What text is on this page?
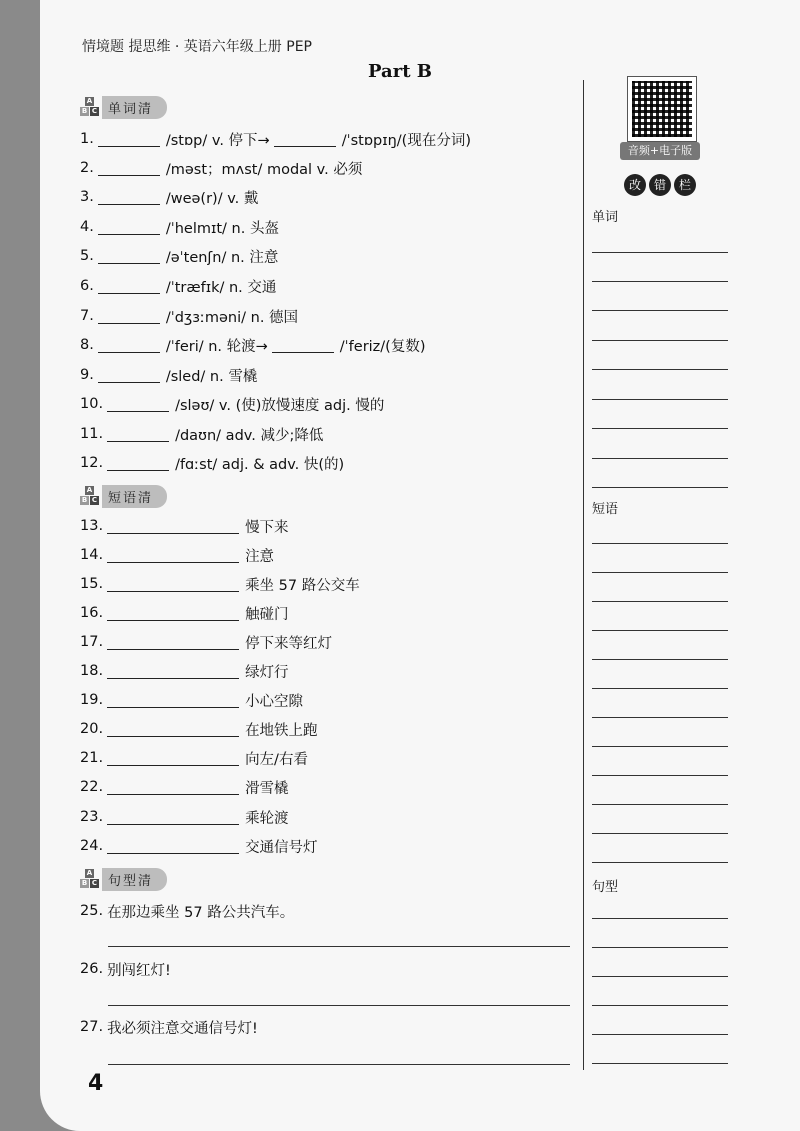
情境题 提思维 · 英语六年级上册 PEP
Part B
A
B C 单词清
1.	/stɒp/ v. 停下→	/ˈstɒpɪŋ/(现在分词)
2.	/məst；mʌst/ modal v. 必须
3.	/weə(r)/ v. 戴
4.	/ˈhelmɪt/ n. 头盔
5.	/əˈtenʃn/ n. 注意
6.	/ˈtræfɪk/ n. 交通
7.	/ˈdʒɜːməni/ n. 德国
8.	/ˈferi/ n. 轮渡→	/ˈferiz/(复数)
9.	/sled/ n. 雪橇
10.	/sləʊ/ v. (使)放慢速度 adj. 慢的
11.	/daʊn/ adv. 减少;降低
12.	/fɑːst/ adj. & adv. 快(的)
A
B C 短语清
13.	慢下来
14.	注意
15.	乘坐 57 路公交车
16.	触碰门
17.	停下来等红灯
18.	绿灯行
19.	小心空隙
20.	在地铁上跑
21.	向左/右看
22.	滑雪橇
23.	乘轮渡
24.	交通信号灯
A
B C 句型清
25. 在那边乘坐 57 路公共汽车。
26. 别闯红灯!
27. 我必须注意交通信号灯!
音频+电子版
改	错	栏
单词
短语
句型
4
